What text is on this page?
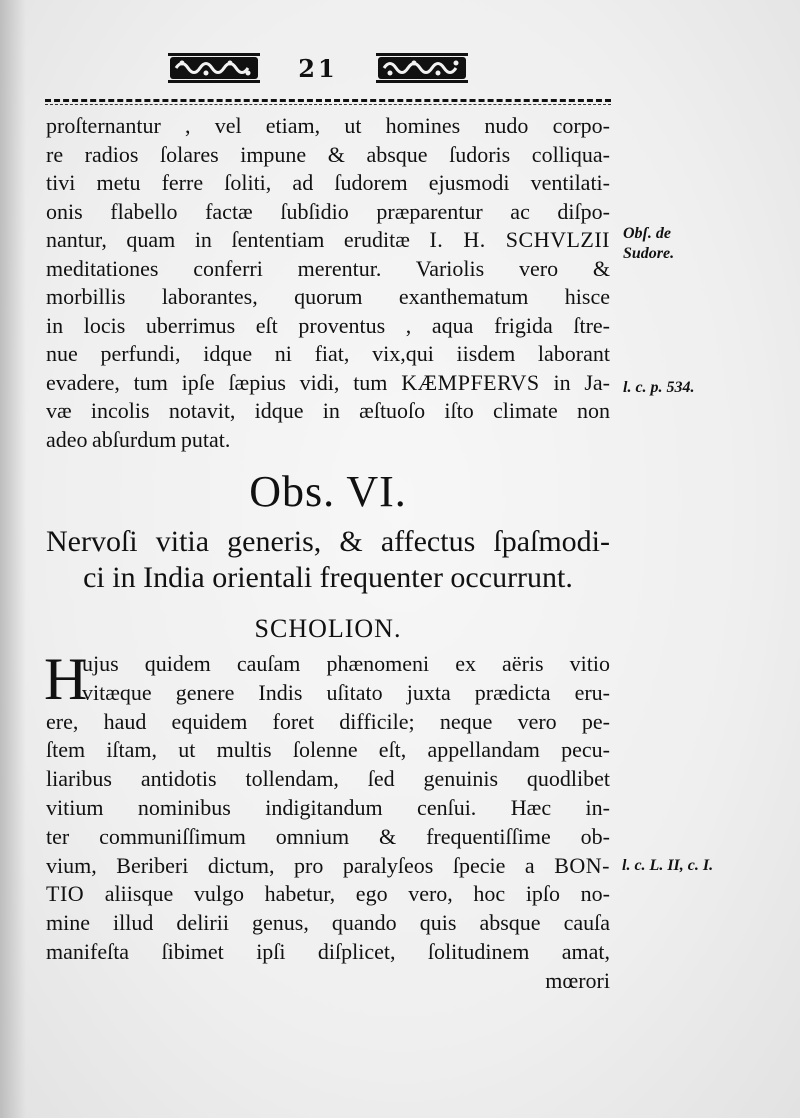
21
proſternantur , vel etiam, ut homines nudo corpo-
re radios ſolares impune & absque ſudoris colliqua-
tivi metu ferre ſoliti, ad ſudorem ejusmodi ventilati-
onis flabello factæ ſubſidio præparentur ac diſpo-
nantur, quam in ſententiam eruditæ I. H. SCHVLZII
meditationes conferri merentur. Variolis vero &
morbillis laborantes, quorum exanthematum hisce
in locis uberrimus eſt proventus , aqua frigida ſtre-
nue perfundi, idque ni fiat, vix,qui iisdem laborant
evadere, tum ipſe ſæpius vidi, tum KÆMPFERVS in Ja-
væ incolis notavit, idque in æſtuoſo iſto climate non
adeo abſurdum putat.
Obs. VI.
Nervoſi vitia generis, & affectus ſpaſmodi-
ci in India orientali frequenter occurrunt.
SCHOLION.
H
ujus quidem cauſam phænomeni ex aëris vitio
vitæque genere Indis uſitato juxta prædicta eru-
ere, haud equidem foret difficile; neque vero pe-
ſtem iſtam, ut multis ſolenne eſt, appellandam pecu-
liaribus antidotis tollendam, ſed genuinis quodlibet
vitium nominibus indigitandum cenſui. Hæc in-
ter communiſſimum omnium & frequentiſſime ob-
vium, Beriberi dictum, pro paralyſeos ſpecie a BON-
TIO aliisque vulgo habetur, ego vero, hoc ipſo no-
mine illud delirii genus, quando quis absque cauſa
manifeſta ſibimet ipſi diſplicet, ſolitudinem amat,
mœrori
Obſ. de
Sudore.
l. c. p. 534.
l. c. L. II, c. I.
